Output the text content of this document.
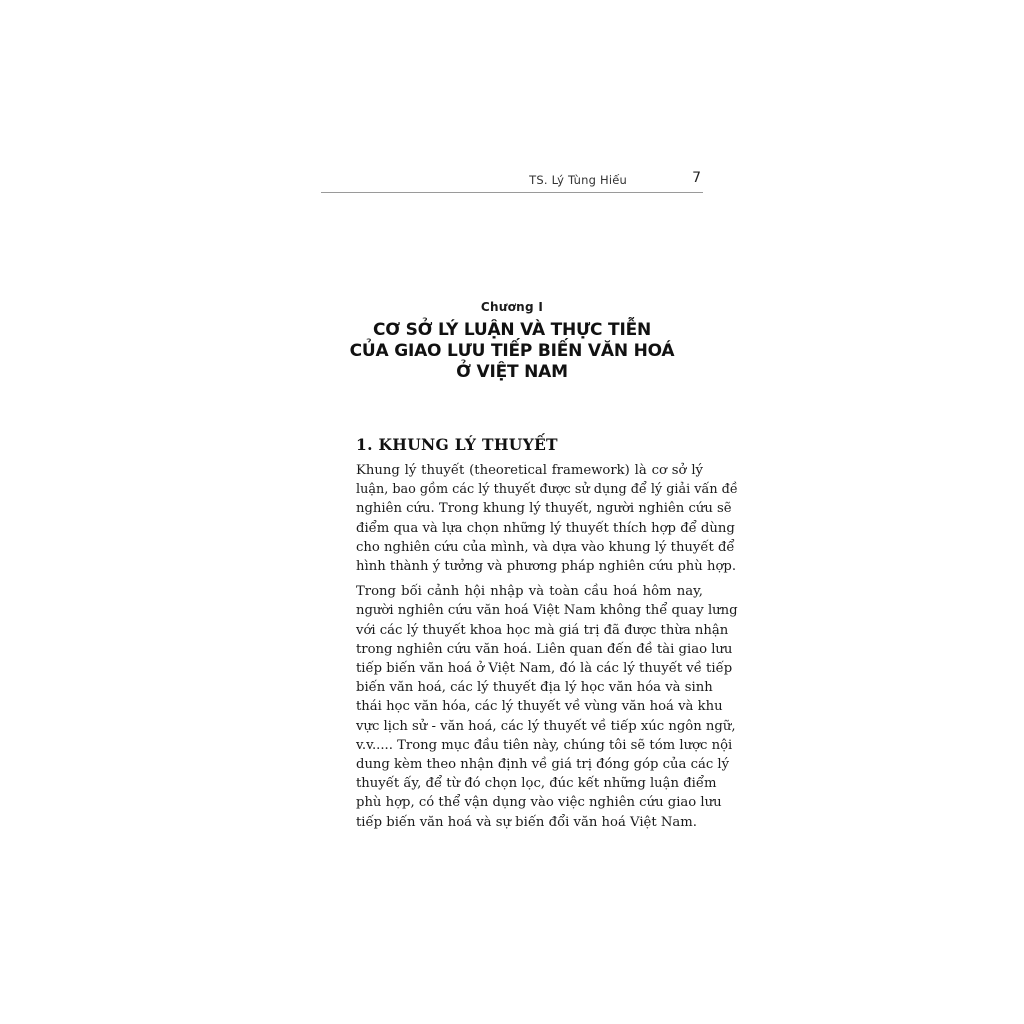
TS. Lý Tùng Hiếu	7
Chương I
CƠ SỞ LÝ LUẬN VÀ THỰC TIỄN
CỦA GIAO LƯU TIẾP BIẾN VĂN HOÁ
Ở VIỆT NAM
1. KHUNG LÝ THUYẾT
Khung lý thuyết (theoretical framework) là cơ sở lý
luận, bao gồm các lý thuyết được sử dụng để lý giải vấn đề
nghiên cứu. Trong khung lý thuyết, người nghiên cứu sẽ
điểm qua và lựa chọn những lý thuyết thích hợp để dùng
cho nghiên cứu của mình, và dựa vào khung lý thuyết để
hình thành ý tưởng và phương pháp nghiên cứu phù hợp.
Trong bối cảnh hội nhập và toàn cầu hoá hôm nay,
người nghiên cứu văn hoá Việt Nam không thể quay lưng
với các lý thuyết khoa học mà giá trị đã được thừa nhận
trong nghiên cứu văn hoá. Liên quan đến đề tài giao lưu
tiếp biến văn hoá ở Việt Nam, đó là các lý thuyết về tiếp
biến văn hoá, các lý thuyết địa lý học văn hóa và sinh
thái học văn hóa, các lý thuyết về vùng văn hoá và khu
vực lịch sử - văn hoá, các lý thuyết về tiếp xúc ngôn ngữ,
v.v..... Trong mục đầu tiên này, chúng tôi sẽ tóm lược nội
dung kèm theo nhận định về giá trị đóng góp của các lý
thuyết ấy, để từ đó chọn lọc, đúc kết những luận điểm
phù hợp, có thể vận dụng vào việc nghiên cứu giao lưu
tiếp biến văn hoá và sự biến đổi văn hoá Việt Nam.
